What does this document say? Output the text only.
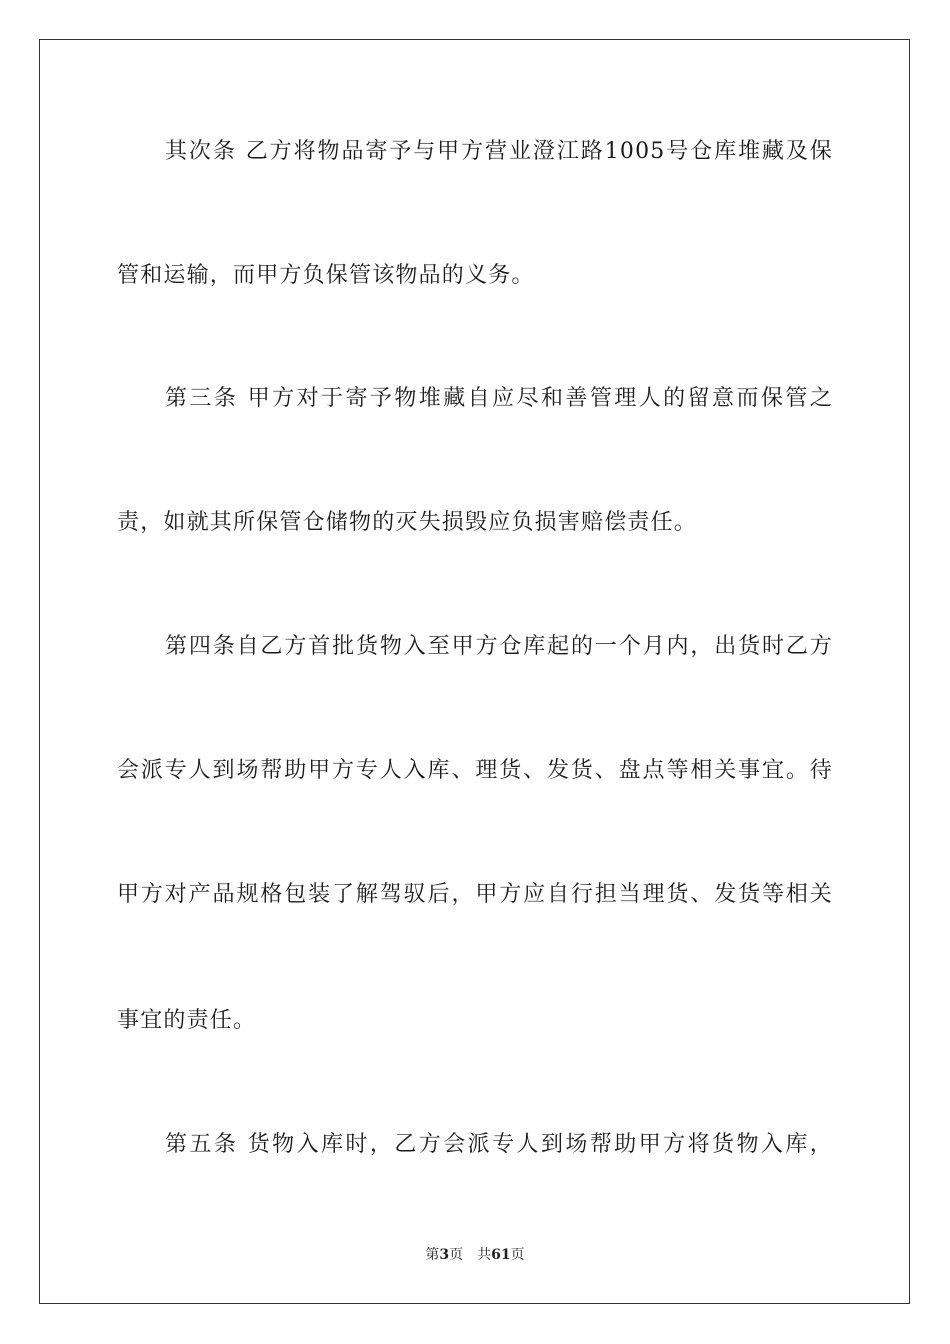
其次条 乙方将物品寄予与甲方营业澄江路1005号仓库堆藏及保
管和运输，而甲方负保管该物品的义务。
第三条 甲方对于寄予物堆藏自应尽和善管理人的留意而保管之
责，如就其所保管仓储物的灭失损毁应负损害赔偿责任。
第四条自乙方首批货物入至甲方仓库起的一个月内，出货时乙方
会派专人到场帮助甲方专人入库、理货、发货、盘点等相关事宜。待
甲方对产品规格包装了解驾驭后，甲方应自行担当理货、发货等相关
事宜的责任。
第五条 货物入库时，乙方会派专人到场帮助甲方将货物入库，
第3页 共61页
